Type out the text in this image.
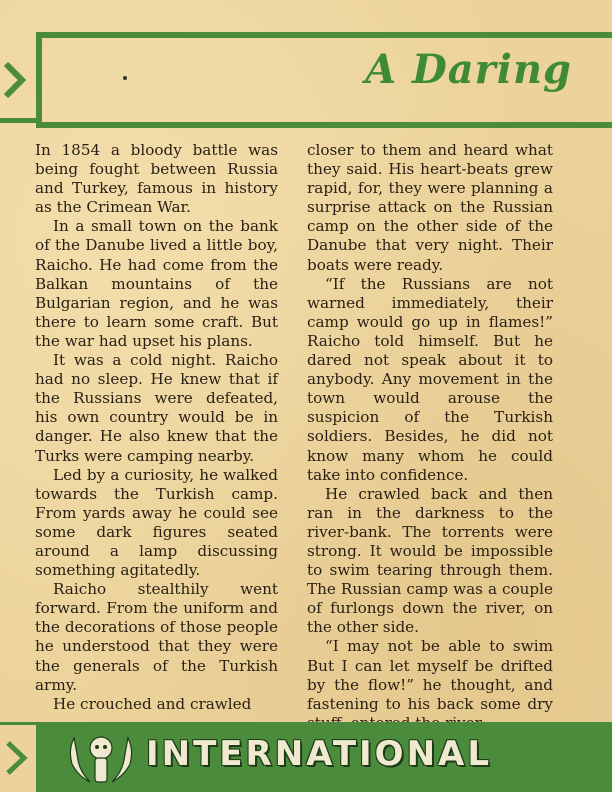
A Daring

In 1854 a bloody battle was being fought between Russia and Turkey, famous in history as the Crimean War.

In a small town on the bank of the Danube lived a little boy, Raicho. He had come from the Balkan mountains of the Bulgarian region, and he was there to learn some craft. But the war had upset his plans.

It was a cold night. Raicho had no sleep. He knew that if the Russians were defeated, his own country would be in danger. He also knew that the Turks were camping nearby.

Led by a curiosity, he walked towards the Turkish camp. From yards away he could see some dark figures seated around a lamp discussing something agitatedly.

Raicho stealthily went forward. From the uniform and the decorations of those people he understood that they were the generals of the Turkish army.

He crouched and crawled

closer to them and heard what they said. His heart-beats grew rapid, for, they were planning a surprise attack on the Russian camp on the other side of the Danube that very night. Their boats were ready.

“If the Russians are not warned immediately, their camp would go up in flames!” Raicho told himself. But he dared not speak about it to anybody. Any movement in the town would arouse the suspicion of the Turkish soldiers. Besides, he did not know many whom he could take into confidence.

He crawled back and then ran in the darkness to the river-bank. The torrents were strong. It would be impossible to swim tearing through them. The Russian camp was a couple of furlongs down the river, on the other side.

“I may not be able to swim But I can let myself be drifted by the flow!” he thought, and fastening to his back some dry

INTERNATIONAL
